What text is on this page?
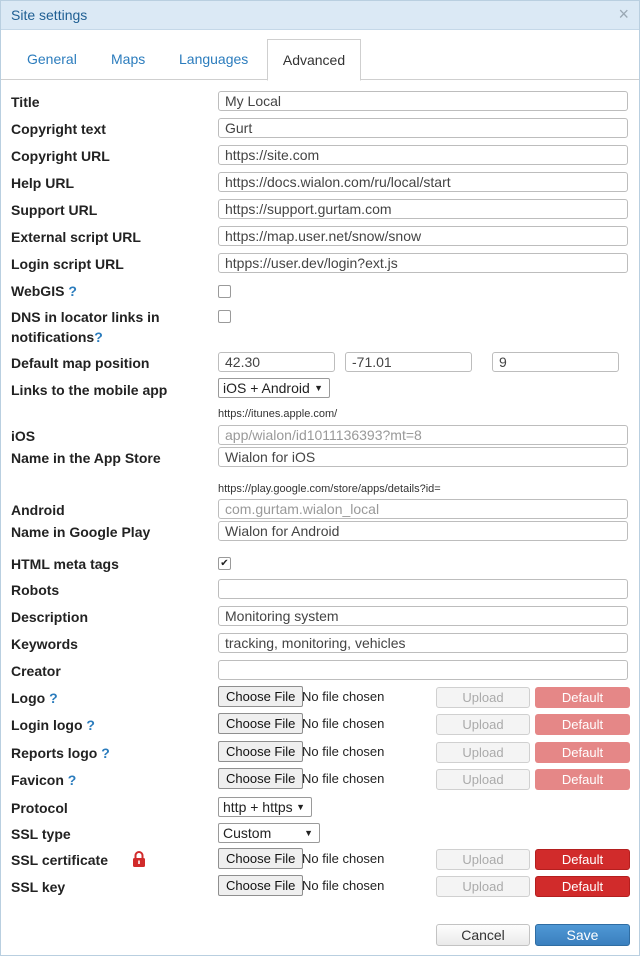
Site settings	×
General Maps Languages	Advanced
Title	My Local
Copyright text	Gurt
Copyright URL	https://site.com
Help URL	https://docs.wialon.com/ru/local/start
Support URL	https://support.gurtam.com
External script URL	https://map.user.net/snow/snow
Login script URL	htpps://user.dev/login?ext.js
WebGIS ?
DNS in locator links in
notifications?
Default map position	42.30	-71.01	9
Links to the mobile app	iOS + Android ▼
https://itunes.apple.com/
iOS	app/wialon/id1011136393?mt=8
Name in the App Store	Wialon for iOS
https://play.google.com/store/apps/details?id=
Android	com.gurtam.wialon_local
Name in Google Play	Wialon for Android
HTML meta tags	✔
Robots
Description	Monitoring system
Keywords	tracking, monitoring, vehicles
Creator
Logo ?	Choose File No file chosen	Upload	Default
Login logo ?	Choose File No file chosen	Upload	Default
Reports logo ?	Choose File No file chosen	Upload	Default
Favicon ?	Choose File No file chosen	Upload	Default
Protocol	http + https ▼
SSL type	Custom	▼
SSL certificate	Choose File No file chosen	Upload	Default
SSL key	Choose File No file chosen	Upload	Default
Cancel	Save
